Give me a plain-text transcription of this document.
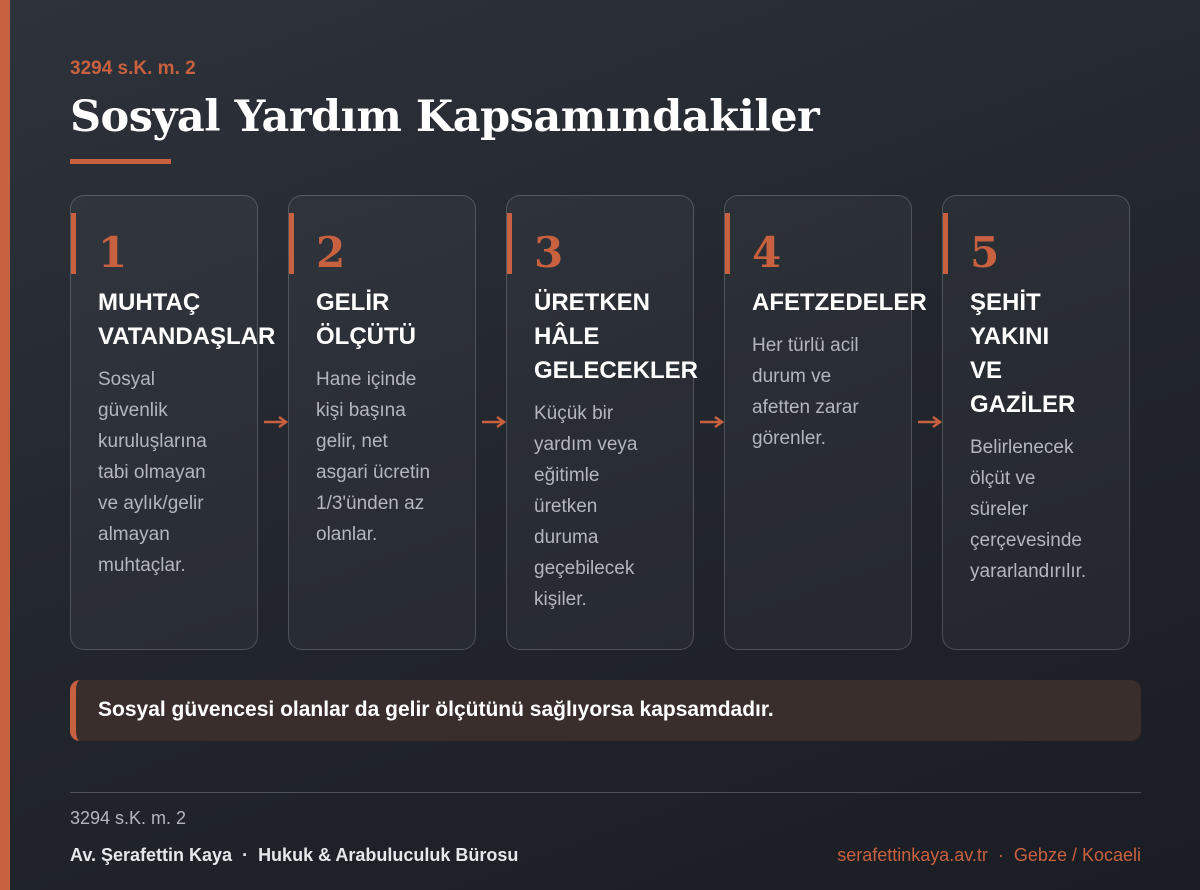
3294 s.K. m. 2
Sosyal Yardım Kapsamındakiler
1
MUHTAÇ
VATANDAŞLAR
Sosyal
güvenlik
kuruluşlarına
tabi olmayan
ve aylık/gelir
almayan
muhtaçlar.
2
GELİR
ÖLÇÜTÜ
Hane içinde
kişi başına
gelir, net
asgari ücretin
1/3'ünden az
olanlar.
3
ÜRETKEN
HÂLE
GELECEKLER
Küçük bir
yardım veya
eğitimle
üretken
duruma
geçebilecek
kişiler.
4
AFETZEDELER
Her türlü acil
durum ve
afetten zarar
görenler.
5
ŞEHİT
YAKINI
VE
GAZİLER
Belirlenecek
ölçüt ve
süreler
çerçevesinde
yararlandırılır.
Sosyal güvencesi olanlar da gelir ölçütünü sağlıyorsa kapsamdadır.
3294 s.K. m. 2
Av. Şerafettin Kaya · Hukuk & Arabuluculuk Bürosu	serafettinkaya.av.tr · Gebze / Kocaeli
